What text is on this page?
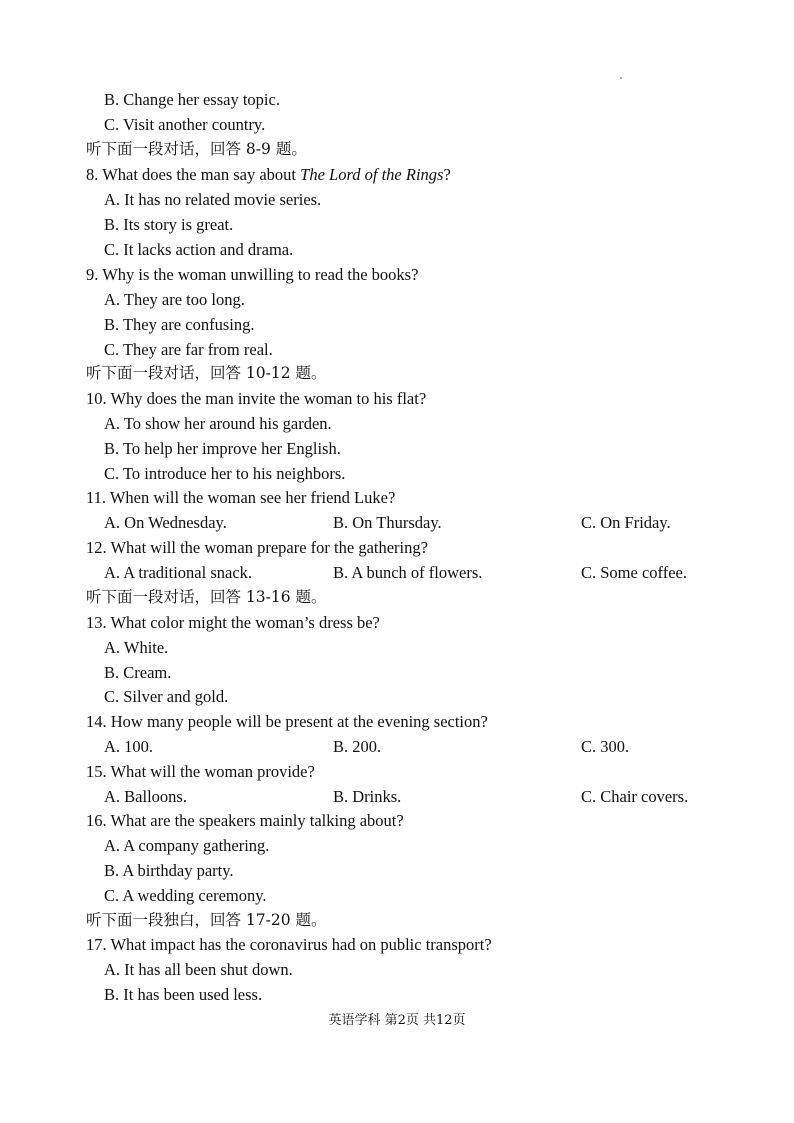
B. Change her essay topic.
C. Visit another country.
听下面一段对话，回答 8-9 题。
8. What does the man say about The Lord of the Rings?
A. It has no related movie series.
B. Its story is great.
C. It lacks action and drama.
9. Why is the woman unwilling to read the books?
A. They are too long.
B. They are confusing.
C. They are far from real.
听下面一段对话，回答 10-12 题。
10. Why does the man invite the woman to his flat?
A. To show her around his garden.
B. To help her improve her English.
C. To introduce her to his neighbors.
11. When will the woman see her friend Luke?
A. On Wednesday.	B. On Thursday.	C. On Friday.
12. What will the woman prepare for the gathering?
A. A traditional snack.	B. A bunch of flowers.	C. Some coffee.
听下面一段对话，回答 13-16 题。
13. What color might the woman’s dress be?
A. White.
B. Cream.
C. Silver and gold.
14. How many people will be present at the evening section?
A. 100.	B. 200.	C. 300.
15. What will the woman provide?
A. Balloons.	B. Drinks.	C. Chair covers.
16. What are the speakers mainly talking about?
A. A company gathering.
B. A birthday party.
C. A wedding ceremony.
听下面一段独白，回答 17-20 题。
17. What impact has the coronavirus had on public transport?
A. It has all been shut down.
B. It has been used less.
英语学科 第2页 共12页
